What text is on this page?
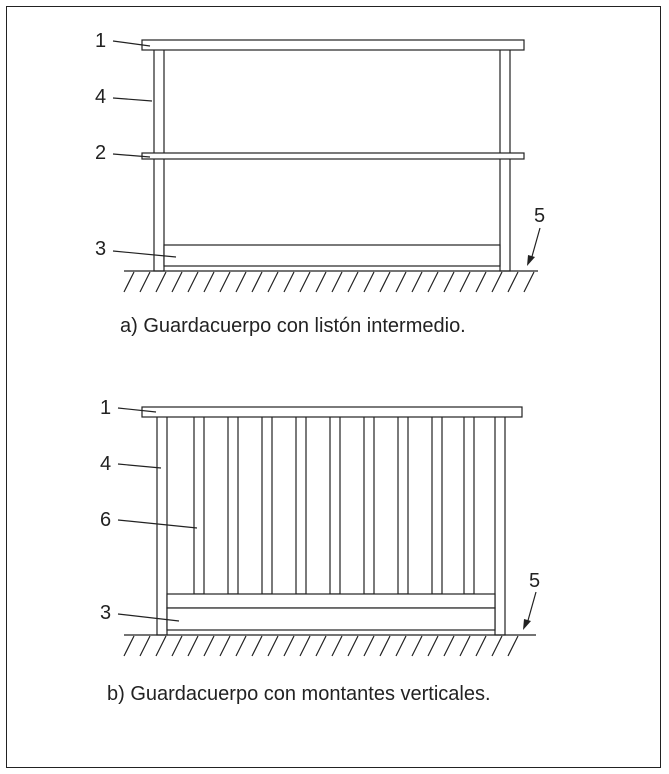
1
4
2
3
5
a) Guardacuerpo con listón intermedio.
1
4
6
3
5
b) Guardacuerpo con montantes verticales.
